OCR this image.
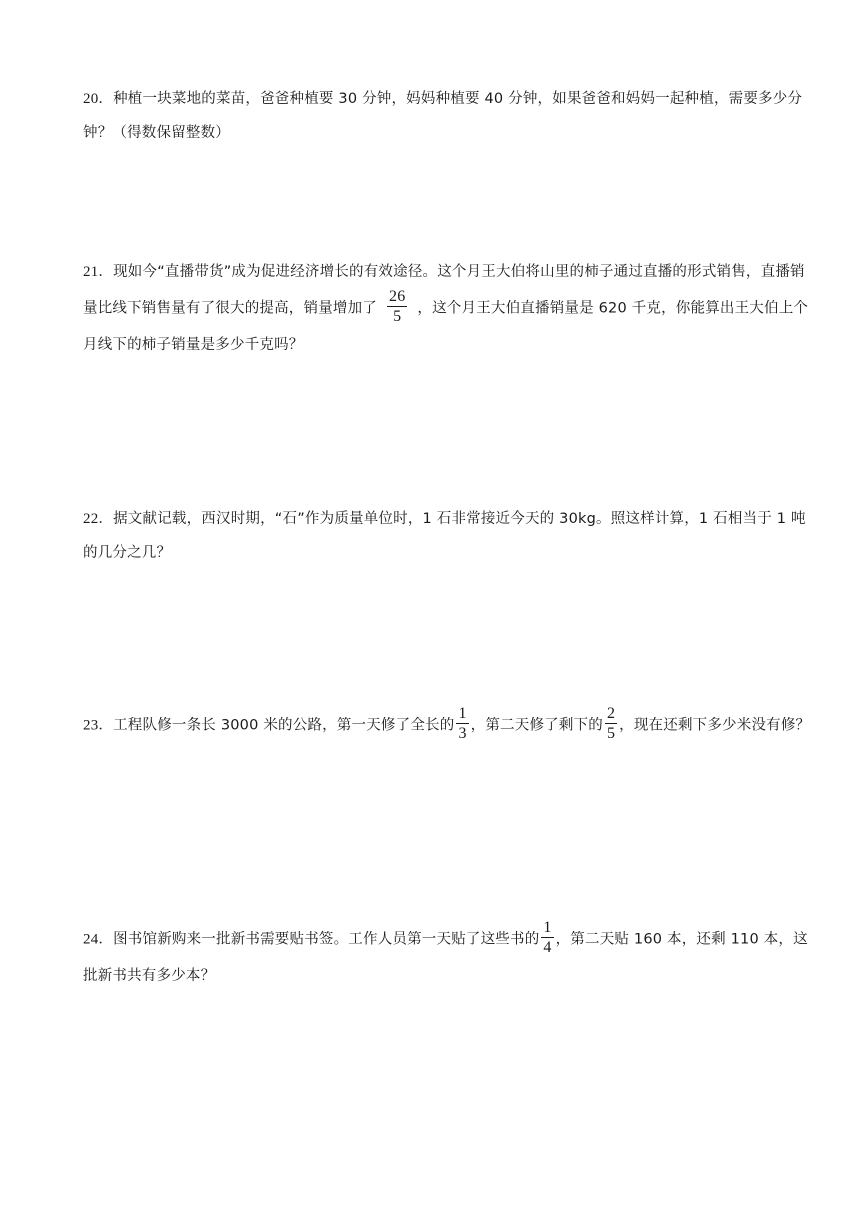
20．种植一块菜地的菜苗，爸爸种植要 30 分钟，妈妈种植要 40 分钟，如果爸爸和妈妈一起种植，需要多少分钟？（得数保留整数）
21．现如今“直播带货”成为促进经济增长的有效途径。这个月王大伯将山里的柿子通过直播的形式销售，直播销量比线下销售量有了很大的提高，销量增加了 $\frac{26}{5}$ ，这个月王大伯直播销量是 620 千克，你能算出王大伯上个月线下的柿子销量是多少千克吗？
22．据文献记载，西汉时期，“石”作为质量单位时，1 石非常接近今天的 30kg。照这样计算，1 石相当于 1 吨的几分之几？
23．工程队修一条长 3000 米的公路，第一天修了全长的 $\frac{1}{3}$ ，第二天修了剩下的 $\frac{2}{5}$ ，现在还剩下多少米没有修？
24．图书馆新购来一批新书需要贴书签。工作人员第一天贴了这些书的 $\frac{1}{4}$ ，第二天贴 160 本，还剩 110 本，这批新书共有多少本？
